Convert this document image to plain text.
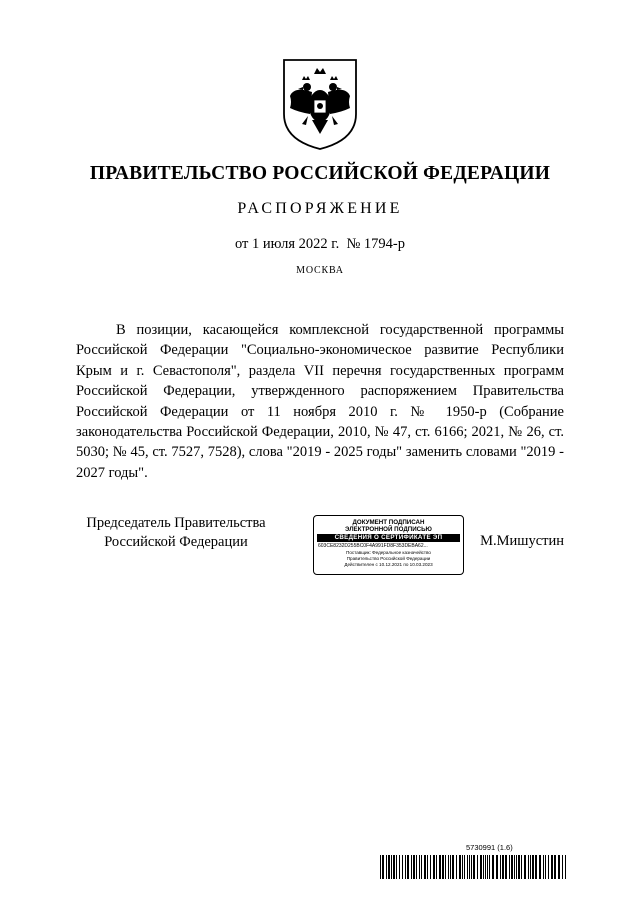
ПРАВИТЕЛЬСТВО РОССИЙСКОЙ ФЕДЕРАЦИИ
РАСПОРЯЖЕНИЕ
от 1 июля 2022 г.  № 1794-р
МОСКВА

В позиции, касающейся комплексной государственной программы Российской Федерации "Социально-экономическое развитие Республики Крым и г. Севастополя", раздела VII перечня государственных программ Российской Федерации, утвержденного распоряжением Правительства Российской Федерации от 11 ноября 2010 г. № 1950-р (Собрание законодательства Российской Федерации, 2010, № 47, ст. 6166; 2021, № 26, ст. 5030; № 45, ст. 7527, 7528), слова "2019 - 2025 годы" заменить словами "2019 - 2027 годы".

Председатель Правительства
Российской Федерации
ДОКУМЕНТ ПОДПИСАН
ЭЛЕКТРОННОЙ ПОДПИСЬЮ
СВЕДЕНИЯ О СЕРТИФИКАТЕ ЭП
603CE8232D255BC0F4A991FD8F353DEBA62...
Поставщик: Федеральное казначейство
Правительство Российской Федерации
Действителен с 10.12.2021 по 10.03.2023
М.Мишустин
5730991 (1.6)
